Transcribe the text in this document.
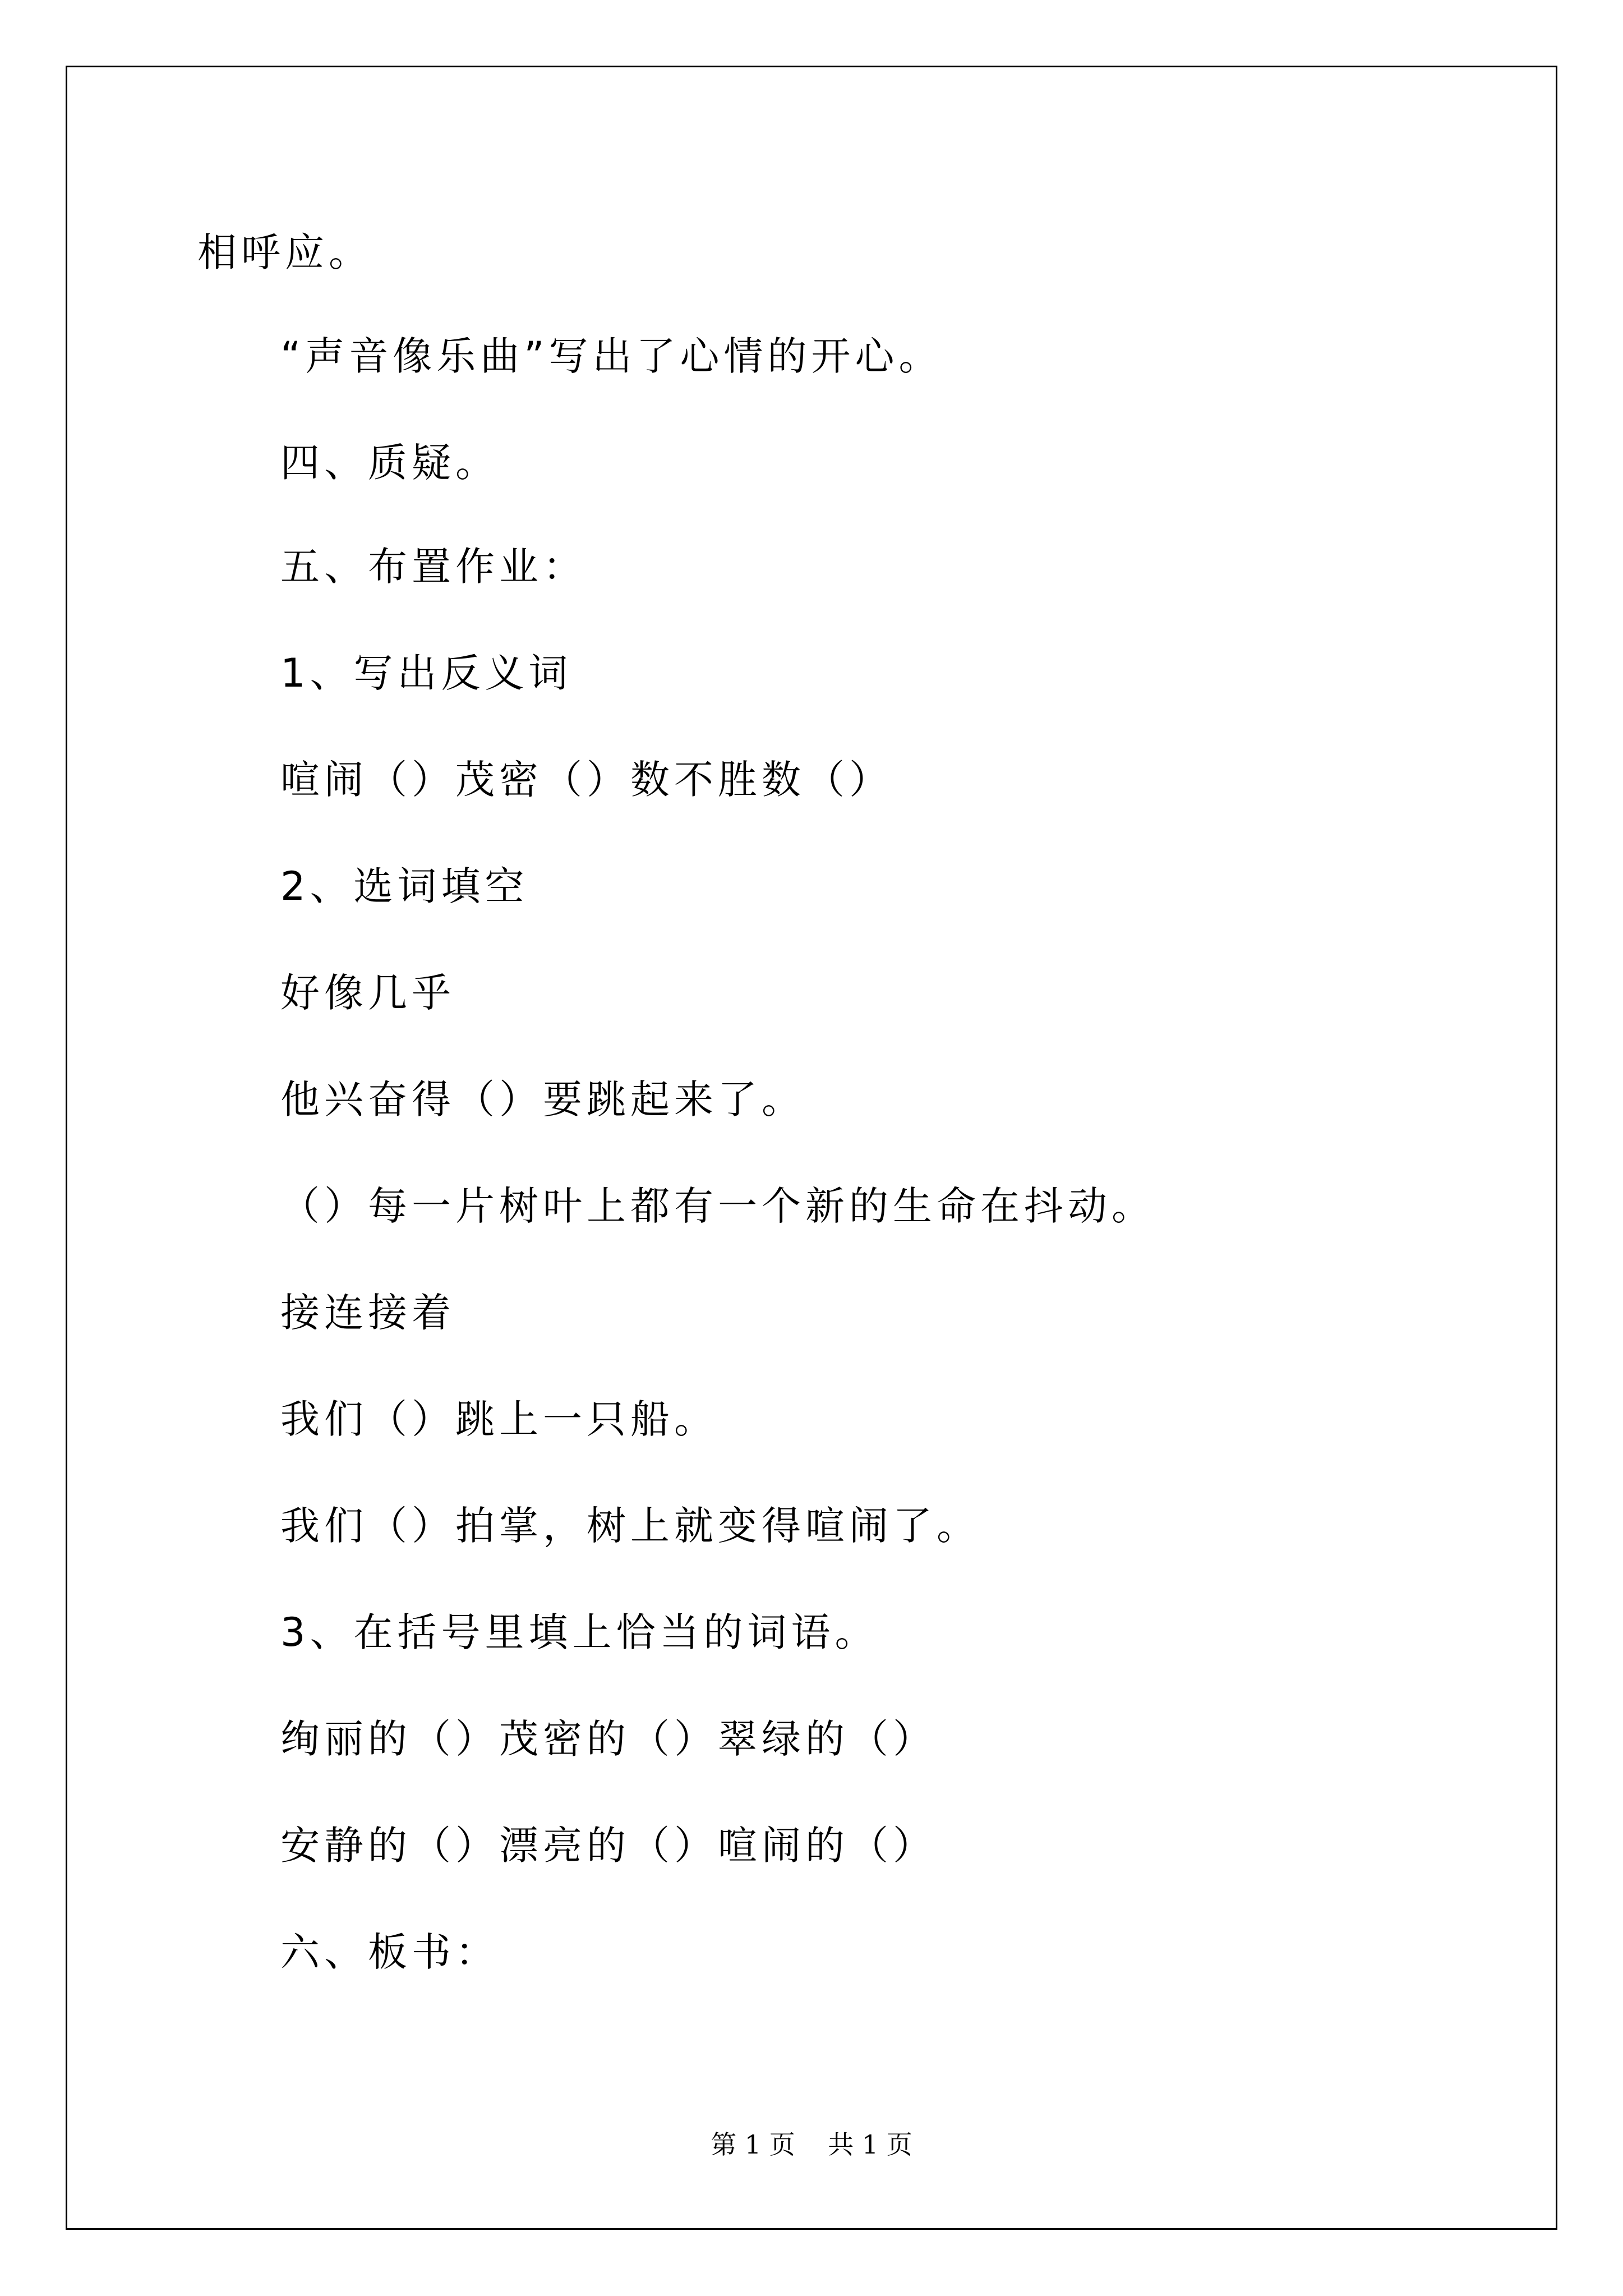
相呼应。
“声音像乐曲”写出了心情的开心。
四、质疑。
五、布置作业：
1、写出反义词
喧闹（）茂密（）数不胜数（）
2、选词填空
好像几乎
他兴奋得（）要跳起来了。
（）每一片树叶上都有一个新的生命在抖动。
接连接着
我们（）跳上一只船。
我们（）拍掌，树上就变得喧闹了。
3、在括号里填上恰当的词语。
绚丽的（）茂密的（）翠绿的（）
安静的（）漂亮的（）喧闹的（）
六、板书：
第 1 页    共 1 页
